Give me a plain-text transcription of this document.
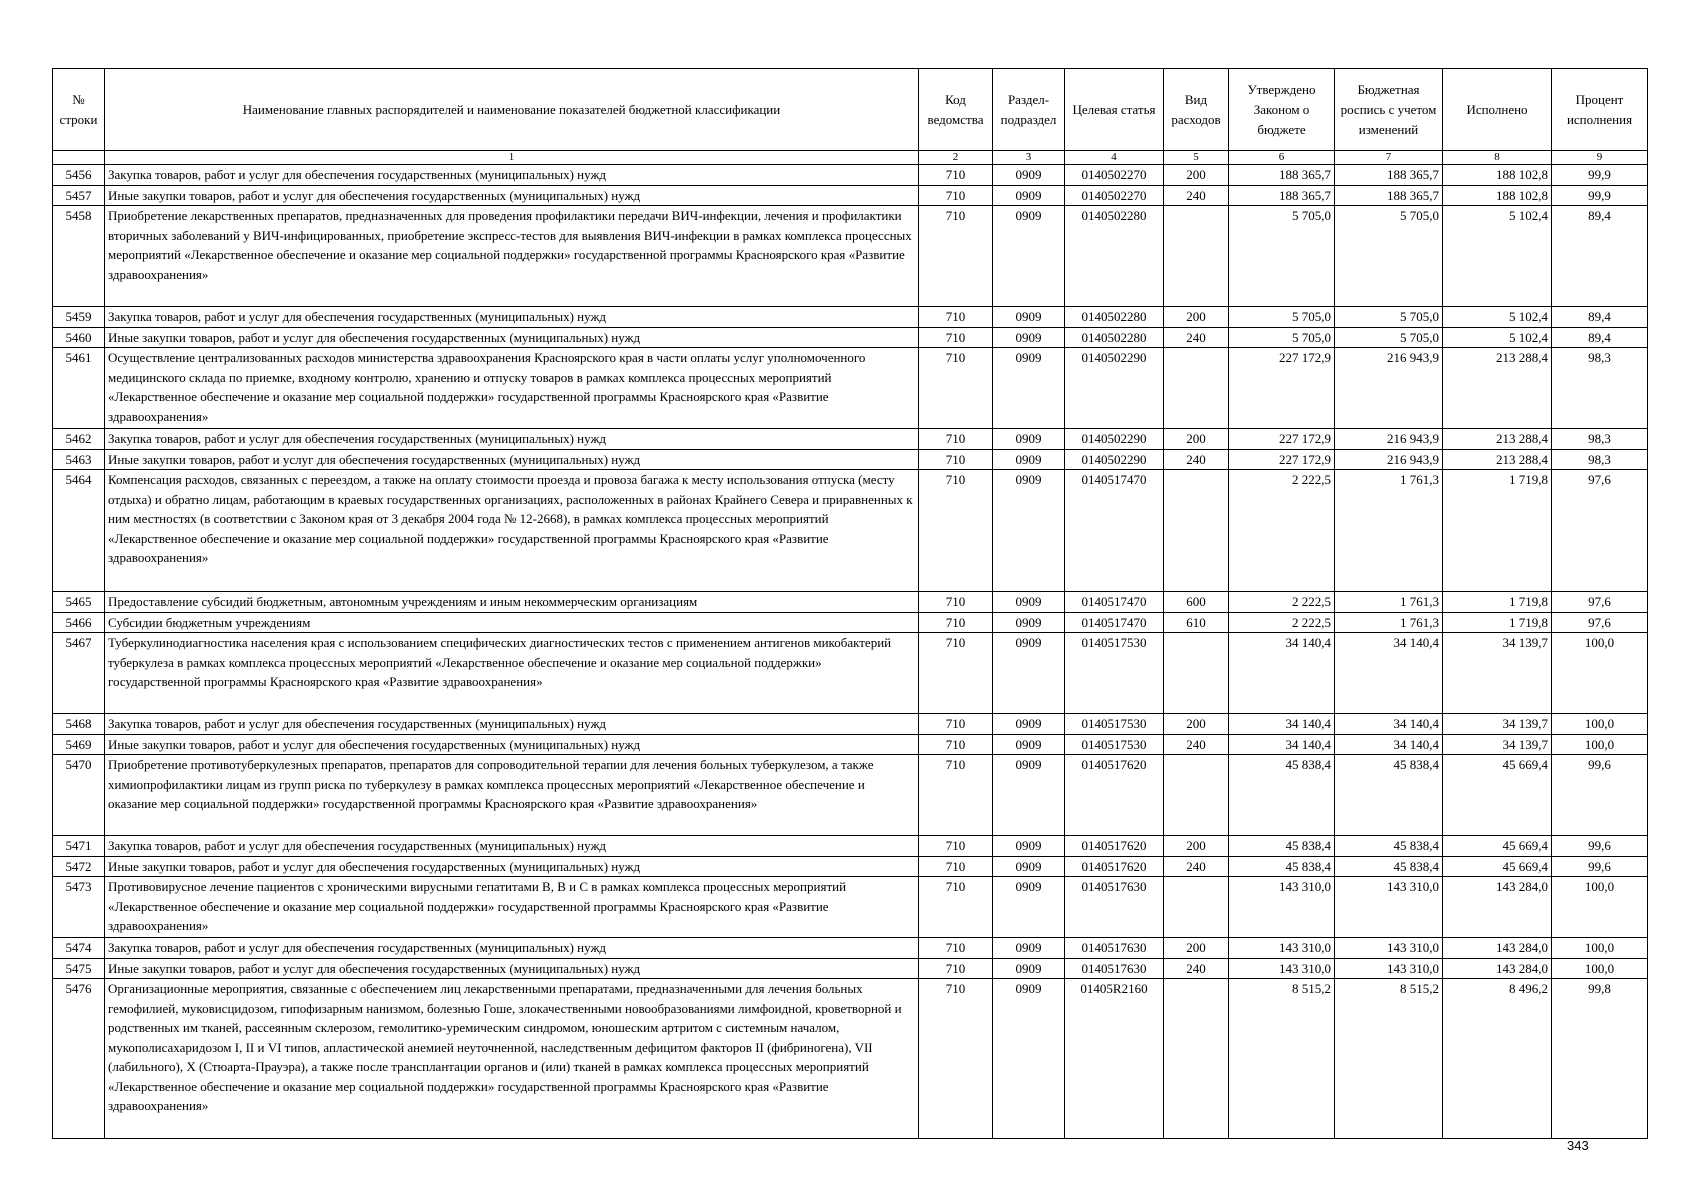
№ строки	Наименование главных распорядителей и наименование показателей бюджетной классификации	Код ведомства	Раздел-подраздел	Целевая статья	Вид расходов	Утверждено Законом о бюджете	Бюджетная роспись с учетом изменений	Исполнено	Процент исполнения
	1	2	3	4	5	6	7	8	9
5456	Закупка товаров, работ и услуг для обеспечения государственных (муниципальных) нужд	710	0909	0140502270	200	188 365,7	188 365,7	188 102,8	99,9
5457	Иные закупки товаров, работ и услуг для обеспечения государственных (муниципальных) нужд	710	0909	0140502270	240	188 365,7	188 365,7	188 102,8	99,9
5458	Приобретение лекарственных препаратов, предназначенных для проведения профилактики передачи ВИЧ-инфекции, лечения и профилактики вторичных заболеваний у ВИЧ-инфицированных, приобретение экспресс-тестов для выявления ВИЧ-инфекции в рамках комплекса процессных мероприятий «Лекарственное обеспечение и оказание мер социальной поддержки» государственной программы Красноярского края «Развитие здравоохранения»	710	0909	0140502280		5 705,0	5 705,0	5 102,4	89,4
5459	Закупка товаров, работ и услуг для обеспечения государственных (муниципальных) нужд	710	0909	0140502280	200	5 705,0	5 705,0	5 102,4	89,4
5460	Иные закупки товаров, работ и услуг для обеспечения государственных (муниципальных) нужд	710	0909	0140502280	240	5 705,0	5 705,0	5 102,4	89,4
5461	Осуществление централизованных расходов министерства здравоохранения Красноярского края в части оплаты услуг уполномоченного медицинского склада по приемке, входному контролю, хранению и отпуску товаров в рамках комплекса процессных мероприятий «Лекарственное обеспечение и оказание мер социальной поддержки» государственной программы Красноярского края «Развитие здравоохранения»	710	0909	0140502290		227 172,9	216 943,9	213 288,4	98,3
5462	Закупка товаров, работ и услуг для обеспечения государственных (муниципальных) нужд	710	0909	0140502290	200	227 172,9	216 943,9	213 288,4	98,3
5463	Иные закупки товаров, работ и услуг для обеспечения государственных (муниципальных) нужд	710	0909	0140502290	240	227 172,9	216 943,9	213 288,4	98,3
5464	Компенсация расходов, связанных с переездом, а также на оплату стоимости проезда и провоза багажа к месту использования отпуска (месту отдыха) и обратно лицам, работающим в краевых государственных организациях, расположенных в районах Крайнего Севера и приравненных к ним местностях (в соответствии с Законом края от 3 декабря 2004 года № 12-2668), в рамках комплекса процессных мероприятий «Лекарственное обеспечение и оказание мер социальной поддержки» государственной программы Красноярского края «Развитие здравоохранения»	710	0909	0140517470		2 222,5	1 761,3	1 719,8	97,6
5465	Предоставление субсидий бюджетным, автономным учреждениям и иным некоммерческим организациям	710	0909	0140517470	600	2 222,5	1 761,3	1 719,8	97,6
5466	Субсидии бюджетным учреждениям	710	0909	0140517470	610	2 222,5	1 761,3	1 719,8	97,6
5467	Туберкулинодиагностика населения края с использованием специфических диагностических тестов с применением антигенов микобактерий туберкулеза в рамках комплекса процессных мероприятий «Лекарственное обеспечение и оказание мер социальной поддержки» государственной программы Красноярского края «Развитие здравоохранения»	710	0909	0140517530		34 140,4	34 140,4	34 139,7	100,0
5468	Закупка товаров, работ и услуг для обеспечения государственных (муниципальных) нужд	710	0909	0140517530	200	34 140,4	34 140,4	34 139,7	100,0
5469	Иные закупки товаров, работ и услуг для обеспечения государственных (муниципальных) нужд	710	0909	0140517530	240	34 140,4	34 140,4	34 139,7	100,0
5470	Приобретение противотуберкулезных препаратов, препаратов для сопроводительной терапии для лечения больных туберкулезом, а также химиопрофилактики лицам из групп риска по туберкулезу в рамках комплекса процессных мероприятий «Лекарственное обеспечение и оказание мер социальной поддержки» государственной программы Красноярского края «Развитие здравоохранения»	710	0909	0140517620		45 838,4	45 838,4	45 669,4	99,6
5471	Закупка товаров, работ и услуг для обеспечения государственных (муниципальных) нужд	710	0909	0140517620	200	45 838,4	45 838,4	45 669,4	99,6
5472	Иные закупки товаров, работ и услуг для обеспечения государственных (муниципальных) нужд	710	0909	0140517620	240	45 838,4	45 838,4	45 669,4	99,6
5473	Противовирусное лечение пациентов с хроническими вирусными гепатитами В, В и С в рамках комплекса процессных мероприятий «Лекарственное обеспечение и оказание мер социальной поддержки» государственной программы Красноярского края «Развитие здравоохранения»	710	0909	0140517630		143 310,0	143 310,0	143 284,0	100,0
5474	Закупка товаров, работ и услуг для обеспечения государственных (муниципальных) нужд	710	0909	0140517630	200	143 310,0	143 310,0	143 284,0	100,0
5475	Иные закупки товаров, работ и услуг для обеспечения государственных (муниципальных) нужд	710	0909	0140517630	240	143 310,0	143 310,0	143 284,0	100,0
5476	Организационные мероприятия, связанные с обеспечением лиц лекарственными препаратами, предназначенными для лечения больных гемофилией, муковисцидозом, гипофизарным нанизмом, болезнью Гоше, злокачественными новообразованиями лимфоидной, кроветворной и родственных им тканей, рассеянным склерозом, гемолитико-уремическим синдромом, юношеским артритом с системным началом, мукополисахаридозом I, II и VI типов, апластической анемией неуточненной, наследственным дефицитом факторов II (фибриногена), VII (лабильного), X (Стюарта-Прауэра), а также после трансплантации органов и (или) тканей в рамках комплекса процессных мероприятий «Лекарственное обеспечение и оказание мер социальной поддержки» государственной программы Красноярского края «Развитие здравоохранения»	710	0909	01405R2160		8 515,2	8 515,2	8 496,2	99,8
343
